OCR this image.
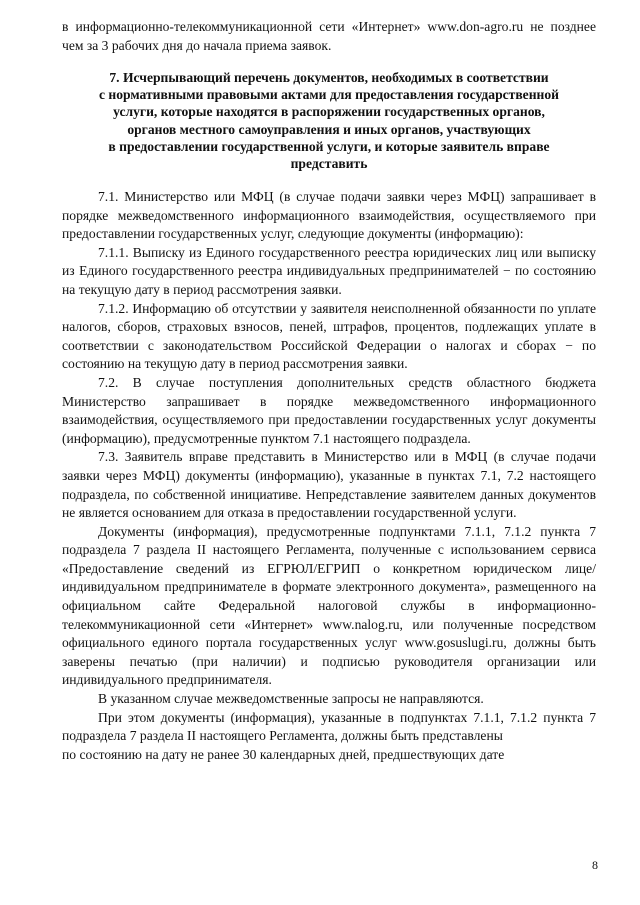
в информационно-телекоммуникационной сети «Интернет» www.don-agro.ru не позднее чем за 3 рабочих дня до начала приема заявок.

7. Исчерпывающий перечень документов, необходимых в соответствии
с нормативными правовыми актами для предоставления государственной
услуги, которые находятся в распоряжении государственных органов,
органов местного самоуправления и иных органов, участвующих
в предоставлении государственной услуги, и которые заявитель вправе
представить

7.1. Министерство или МФЦ (в случае подачи заявки через МФЦ) запрашивает в порядке межведомственного информационного взаимодействия, осуществляемого при предоставлении государственных услуг, следующие документы (информацию):

7.1.1. Выписку из Единого государственного реестра юридических лиц или выписку из Единого государственного реестра индивидуальных предпринимателей − по состоянию на текущую дату в период рассмотрения заявки.

7.1.2. Информацию об отсутствии у заявителя неисполненной обязанности по уплате налогов, сборов, страховых взносов, пеней, штрафов, процентов, подлежащих уплате в соответствии с законодательством Российской Федерации о налогах и сборах − по состоянию на текущую дату в период рассмотрения заявки.

7.2. В случае поступления дополнительных средств областного бюджета Министерство запрашивает в порядке межведомственного информационного взаимодействия, осуществляемого при предоставлении государственных услуг документы (информацию), предусмотренные пунктом 7.1 настоящего подраздела.

7.3. Заявитель вправе представить в Министерство или в МФЦ (в случае подачи заявки через МФЦ) документы (информацию), указанные в пунктах 7.1, 7.2 настоящего подраздела, по собственной инициативе. Непредставление заявителем данных документов не является основанием для отказа в предоставлении государственной услуги.

Документы (информация), предусмотренные подпунктами 7.1.1, 7.1.2 пункта 7 подраздела 7 раздела II настоящего Регламента, полученные с использованием сервиса «Предоставление сведений из ЕГРЮЛ/ЕГРИП о конкретном юридическом лице/индивидуальном предпринимателе в формате электронного документа», размещенного на официальном сайте Федеральной налоговой службы в информационно-телекоммуникационной сети «Интернет» www.nalog.ru, или полученные посредством официального единого портала государственных услуг www.gosuslugi.ru, должны быть заверены печатью (при наличии) и подписью руководителя организации или индивидуального предпринимателя.

В указанном случае межведомственные запросы не направляются.

При этом документы (информация), указанные в подпунктах 7.1.1, 7.1.2 пункта 7 подраздела 7 раздела II настоящего Регламента, должны быть представлены

по состоянию на дату не ранее 30 календарных дней, предшествующих дате

8
